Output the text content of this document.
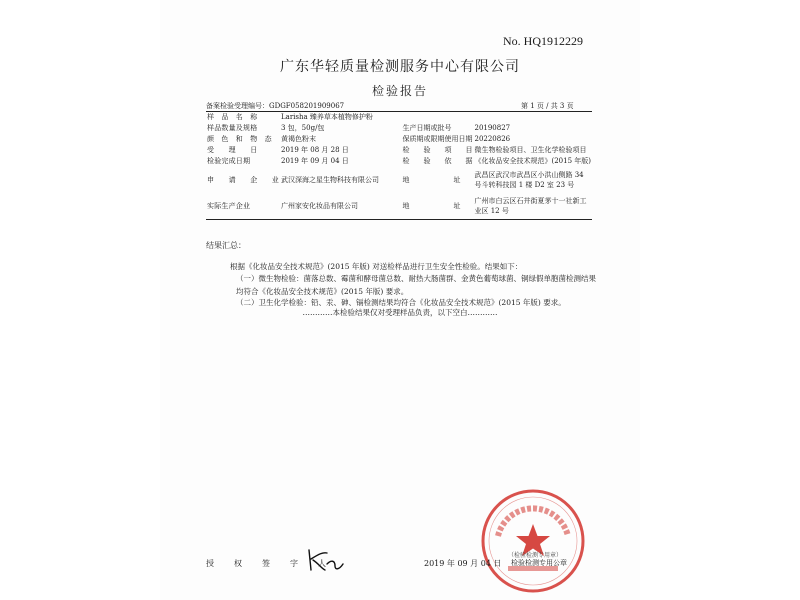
No. HQ1912229
广东华轻质量检测服务中心有限公司
检验报告
备案检验受理编号：GDGF058201909067	第 1 页 / 共 3 页
样　品　名　称	Larisha 臻养草本植物修护粉		
样品数量及规格	3 包，50g/包	生产日期或批号	20190827
颜　色　和　物　态	黄褐色粉末	保质期或限期使用日期	20220826
受　　理　　日	2019 年 08 月 28 日	检　　验　　项　　目	微生物检验项目、卫生化学检验项目
检验完成日期	2019 年 09 月 04 日	检　　验　　依　　据	《化妆品安全技术规范》(2015 年版)
申　　请　　企　　业	武汉深海之星生物科技有限公司	地 址	武昌区武汉市武昌区小洪山侧路 34 号斗转科技园 1 楼 D2 室 23 号
实际生产企业	广州家安化妆品有限公司	地 址	广州市白云区石井街夏茅十一社新工业区 12 号
结果汇总：
根据《化妆品安全技术规范》(2015 年版) 对送检样品进行卫生安全性检验。结果如下：
（一）微生物检验：菌落总数、霉菌和酵母菌总数、耐热大肠菌群、金黄色葡萄球菌、铜绿假单胞菌检测结果均符合《化妆品安全技术规范》(2015 年版) 要求。
（二）卫生化学检验：铅、汞、砷、镉检测结果均符合《化妆品安全技术规范》(2015 年版) 要求。
…………本检验结果仅对受理样品负责，以下空白…………
授　权　签　字　人	2019 年 09 月 04 日
（检验检测专用章）
检验检测专用公章
